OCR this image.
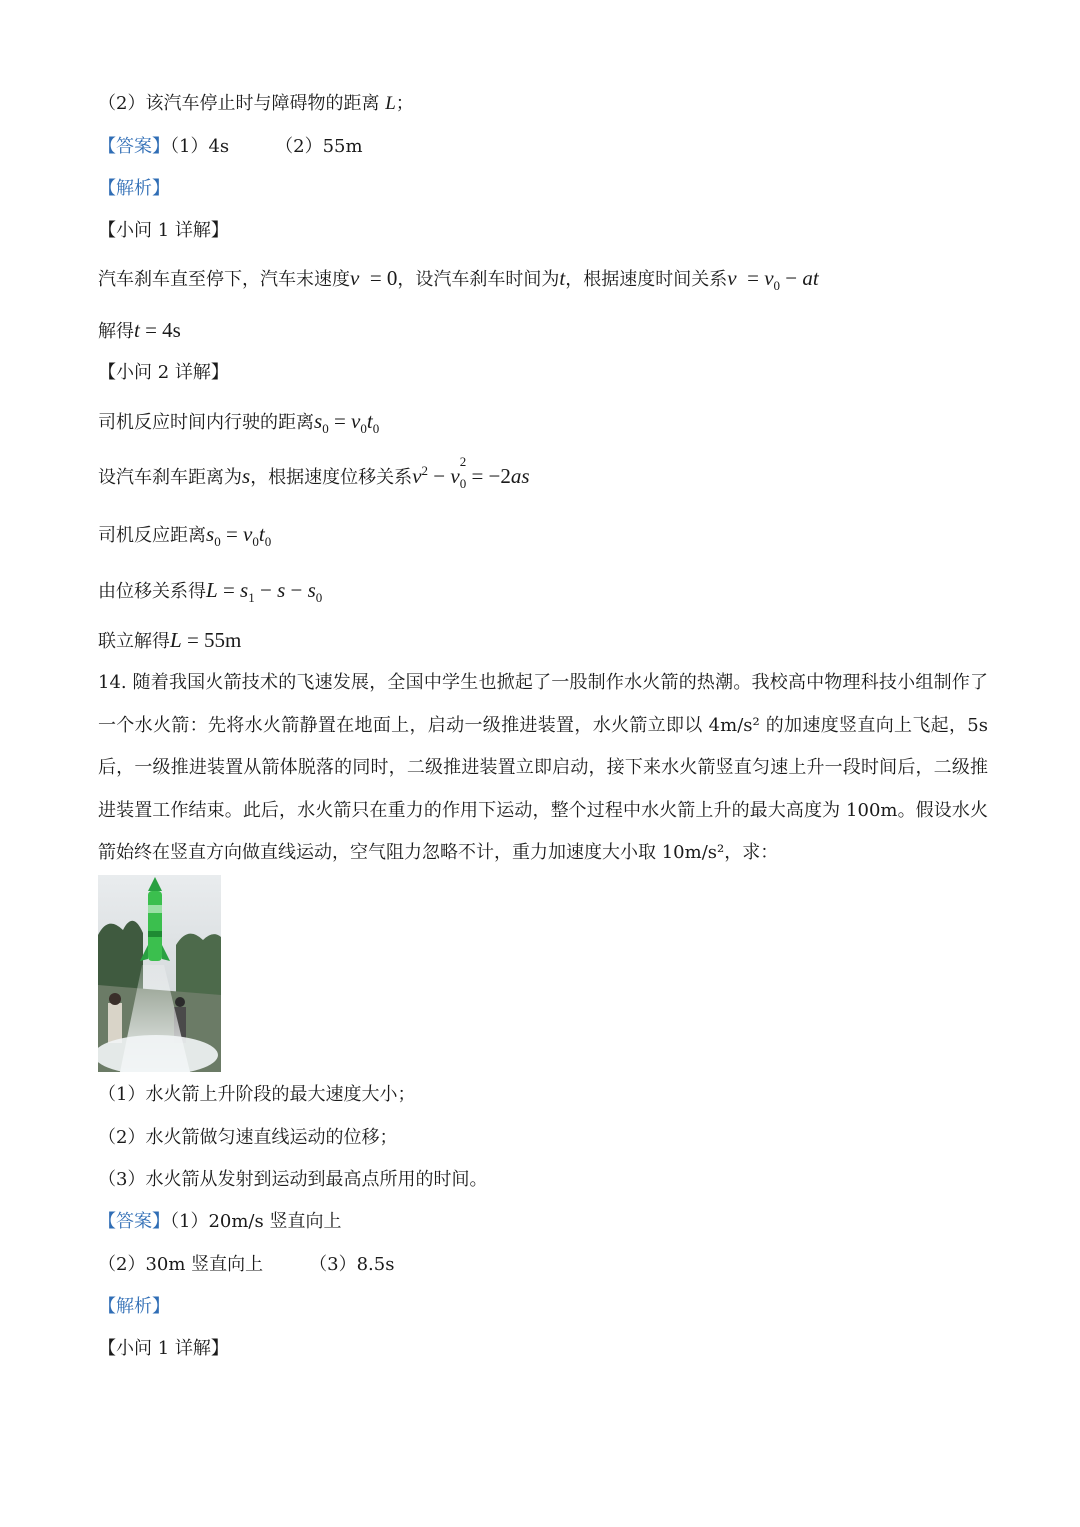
（2）该汽车停止时与障碍物的距离 L；
【答案】（1）4s	（2）55m
【解析】
【小问 1 详解】
汽车刹车直至停下，汽车末速度v  = 0，设汽车刹车时间为t，根据速度时间关系$v = v_0$ − at
解得t = 4s
【小问 2 详解】
司机反应时间内行驶的距离$s_0 = v_0t_0$
设汽车刹车距离为s，根据速度位移关系$v^2 - v$
$_{2 0}$ = −2as
司机反应距离$s_0 = v_0t_0$
由位移关系得$L = s_1 - s - s_0$
联立解得L = 55m
14. 随着我国火箭技术的飞速发展，全国中学生也掀起了一股制作水火箭的热潮。我校高中物理科技小组制作了一个水火箭：先将水火箭静置在地面上，启动一级推进装置，水火箭立即以 4m/s² 的加速度竖直向上飞起，5s 后，一级推进装置从箭体脱落的同时，二级推进装置立即启动，接下来水火箭竖直匀速上升一段时间后，二级推进装置工作结束。此后，水火箭只在重力的作用下运动，整个过程中水火箭上升的最大高度为 100m。假设水火箭始终在竖直方向做直线运动，空气阻力忽略不计，重力加速度大小取 10m/s²，求：
（1）水火箭上升阶段的最大速度大小；
（2）水火箭做匀速直线运动的位移；
（3）水火箭从发射到运动到最高点所用的时间。
【答案】（1）20m/s 竖直向上
（2）30m 竖直向上	（3）8.5s
【解析】
【小问 1 详解】
